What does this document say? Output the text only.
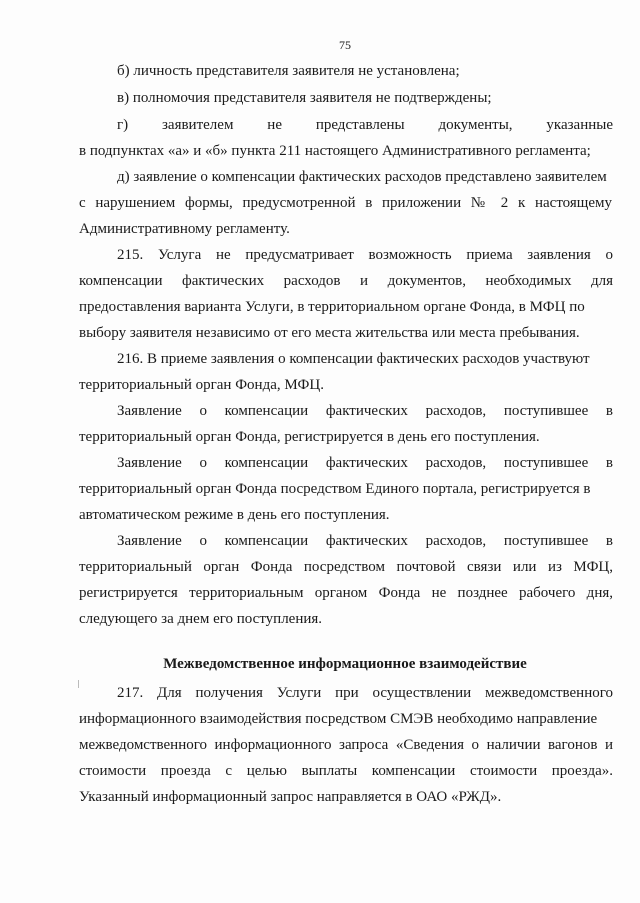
75
б) личность представителя заявителя не установлена;
в) полномочия представителя заявителя не подтверждены;
г) заявителем не представлены документы, указанные
в подпунктах «а» и «б» пункта 211 настоящего Административного регламента;
д) заявление о компенсации фактических расходов представлено заявителем
с нарушением формы, предусмотренной в приложении № 2 к настоящему
Административному регламенту.
215. Услуга не предусматривает возможность приема заявления о
компенсации фактических расходов и документов, необходимых для
предоставления варианта Услуги, в территориальном органе Фонда, в МФЦ по
выбору заявителя независимо от его места жительства или места пребывания.
216. В приеме заявления о компенсации фактических расходов участвуют
территориальный орган Фонда, МФЦ.
Заявление о компенсации фактических расходов, поступившее в
территориальный орган Фонда, регистрируется в день его поступления.
Заявление о компенсации фактических расходов, поступившее в
территориальный орган Фонда посредством Единого портала, регистрируется в
автоматическом режиме в день его поступления.
Заявление о компенсации фактических расходов, поступившее в
территориальный орган Фонда посредством почтовой связи или из МФЦ,
регистрируется территориальным органом Фонда не позднее рабочего дня,
следующего за днем его поступления.
Межведомственное информационное взаимодействие
217. Для получения Услуги при осуществлении межведомственного
информационного взаимодействия посредством СМЭВ необходимо направление
межведомственного информационного запроса «Сведения о наличии вагонов и
стоимости проезда с целью выплаты компенсации стоимости проезда».
Указанный информационный запрос направляется в ОАО «РЖД».
